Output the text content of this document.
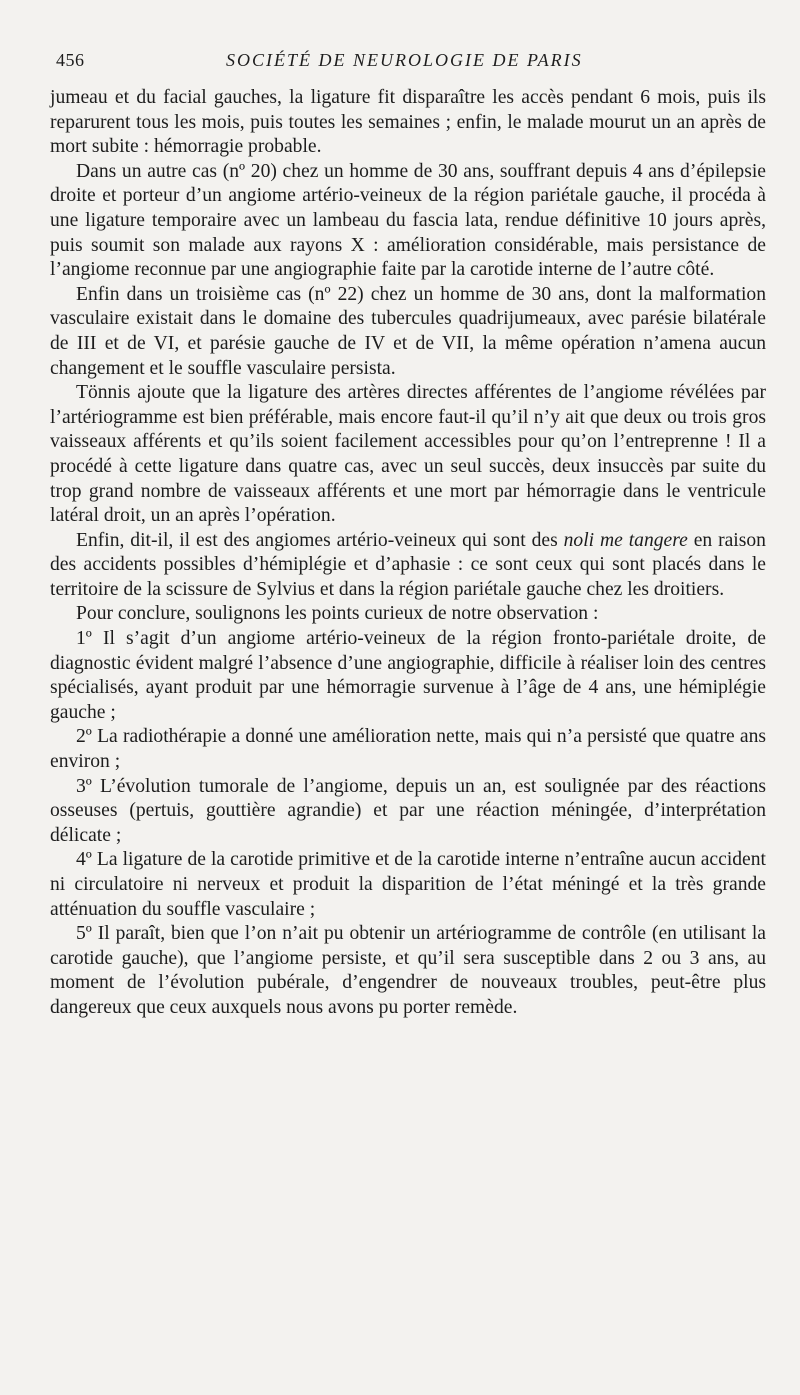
456	SOCIÉTÉ DE NEUROLOGIE DE PARIS

jumeau et du facial gauches, la ligature fit disparaître les accès pendant 6 mois, puis ils reparurent tous les mois, puis toutes les semaines ; enfin, le malade mourut un an après de mort subite : hémorragie probable.

Dans un autre cas (nº 20) chez un homme de 30 ans, souffrant depuis 4 ans d’épilepsie droite et porteur d’un angiome artério-veineux de la région pariétale gauche, il procéda à une ligature temporaire avec un lambeau du fascia lata, rendue définitive 10 jours après, puis soumit son malade aux rayons X : amélioration considérable, mais persistance de l’angiome reconnue par une angiographie faite par la carotide interne de l’autre côté.

Enfin dans un troisième cas (nº 22) chez un homme de 30 ans, dont la malformation vasculaire existait dans le domaine des tubercules quadrijumeaux, avec parésie bilatérale de III et de VI, et parésie gauche de IV et de VII, la même opération n’amena aucun changement et le souffle vasculaire persista.

Tönnis ajoute que la ligature des artères directes afférentes de l’angiome révélées par l’artériogramme est bien préférable, mais encore faut-il qu’il n’y ait que deux ou trois gros vaisseaux afférents et qu’ils soient facilement accessibles pour qu’on l’entreprenne ! Il a procédé à cette ligature dans quatre cas, avec un seul succès, deux insuccès par suite du trop grand nombre de vaisseaux afférents et une mort par hémorragie dans le ventricule latéral droit, un an après l’opération.

Enfin, dit-il, il est des angiomes artério-veineux qui sont des noli me tangere en raison des accidents possibles d’hémiplégie et d’aphasie : ce sont ceux qui sont placés dans le territoire de la scissure de Sylvius et dans la région pariétale gauche chez les droitiers.

Pour conclure, soulignons les points curieux de notre observation :

1º Il s’agit d’un angiome artério-veineux de la région fronto-pariétale droite, de diagnostic évident malgré l’absence d’une angiographie, difficile à réaliser loin des centres spécialisés, ayant produit par une hémorragie survenue à l’âge de 4 ans, une hémiplégie gauche ;

2º La radiothérapie a donné une amélioration nette, mais qui n’a persisté que quatre ans environ ;

3º L’évolution tumorale de l’angiome, depuis un an, est soulignée par des réactions osseuses (pertuis, gouttière agrandie) et par une réaction méningée, d’interprétation délicate ;

4º La ligature de la carotide primitive et de la carotide interne n’entraîne aucun accident ni circulatoire ni nerveux et produit la disparition de l’état méningé et la très grande atténuation du souffle vasculaire ;

5º Il paraît, bien que l’on n’ait pu obtenir un artériogramme de contrôle (en utilisant la carotide gauche), que l’angiome persiste, et qu’il sera susceptible dans 2 ou 3 ans, au moment de l’évolution pubérale, d’engendrer de nouveaux troubles, peut-être plus dangereux que ceux auxquels nous avons pu porter remède.
